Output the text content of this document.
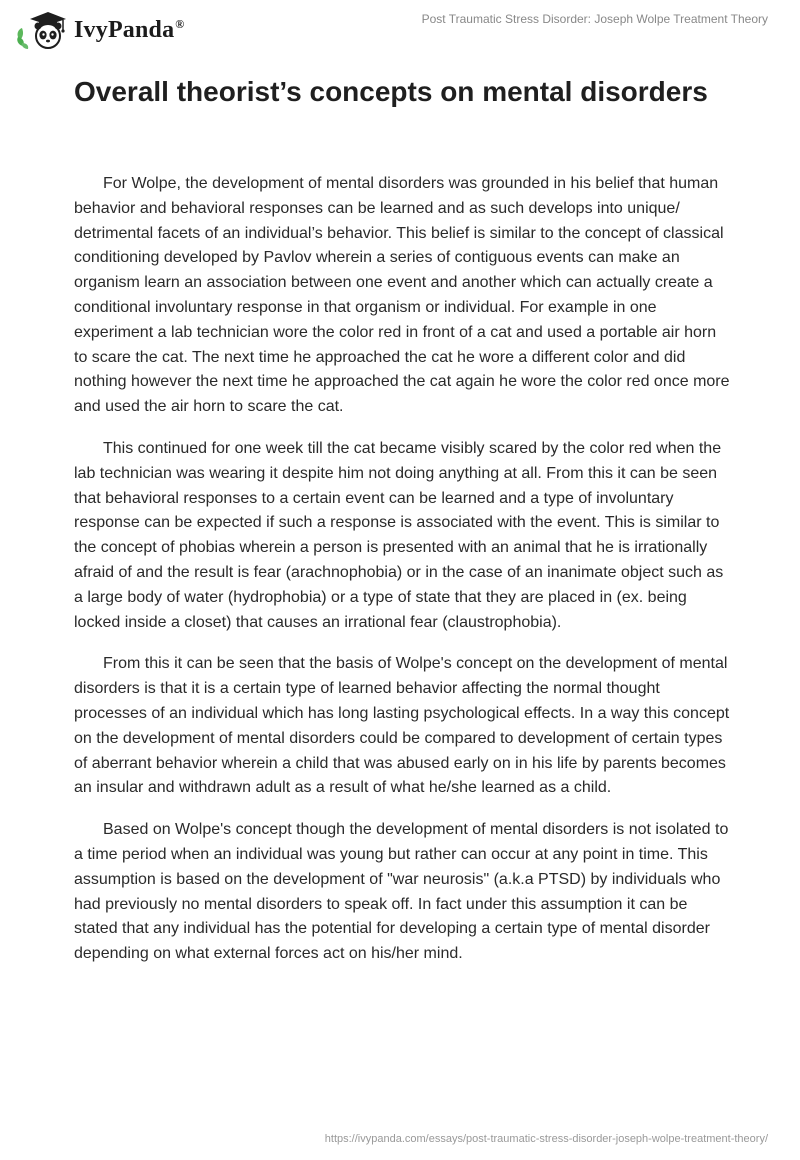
IvyPanda®	Post Traumatic Stress Disorder: Joseph Wolpe Treatment Theory
Overall theorist’s concepts on mental disorders

For Wolpe, the development of mental disorders was grounded in his belief that human behavior and behavioral responses can be learned and as such develops into unique/ detrimental facets of an individual’s behavior. This belief is similar to the concept of classical conditioning developed by Pavlov wherein a series of contiguous events can make an organism learn an association between one event and another which can actually create a conditional involuntary response in that organism or individual. For example in one experiment a lab technician wore the color red in front of a cat and used a portable air horn to scare the cat. The next time he approached the cat he wore a different color and did nothing however the next time he approached the cat again he wore the color red once more and used the air horn to scare the cat.

This continued for one week till the cat became visibly scared by the color red when the lab technician was wearing it despite him not doing anything at all. From this it can be seen that behavioral responses to a certain event can be learned and a type of involuntary response can be expected if such a response is associated with the event. This is similar to the concept of phobias wherein a person is presented with an animal that he is irrationally afraid of and the result is fear (arachnophobia) or in the case of an inanimate object such as a large body of water (hydrophobia) or a type of state that they are placed in (ex. being locked inside a closet) that causes an irrational fear (claustrophobia).

From this it can be seen that the basis of Wolpe's concept on the development of mental disorders is that it is a certain type of learned behavior affecting the normal thought processes of an individual which has long lasting psychological effects. In a way this concept on the development of mental disorders could be compared to development of certain types of aberrant behavior wherein a child that was abused early on in his life by parents becomes an insular and withdrawn adult as a result of what he/she learned as a child.

Based on Wolpe's concept though the development of mental disorders is not isolated to a time period when an individual was young but rather can occur at any point in time. This assumption is based on the development of "war neurosis" (a.k.a PTSD) by individuals who had previously no mental disorders to speak off. In fact under this assumption it can be stated that any individual has the potential for developing a certain type of mental disorder depending on what external forces act on his/her mind.

https://ivypanda.com/essays/post-traumatic-stress-disorder-joseph-wolpe-treatment-theory/
